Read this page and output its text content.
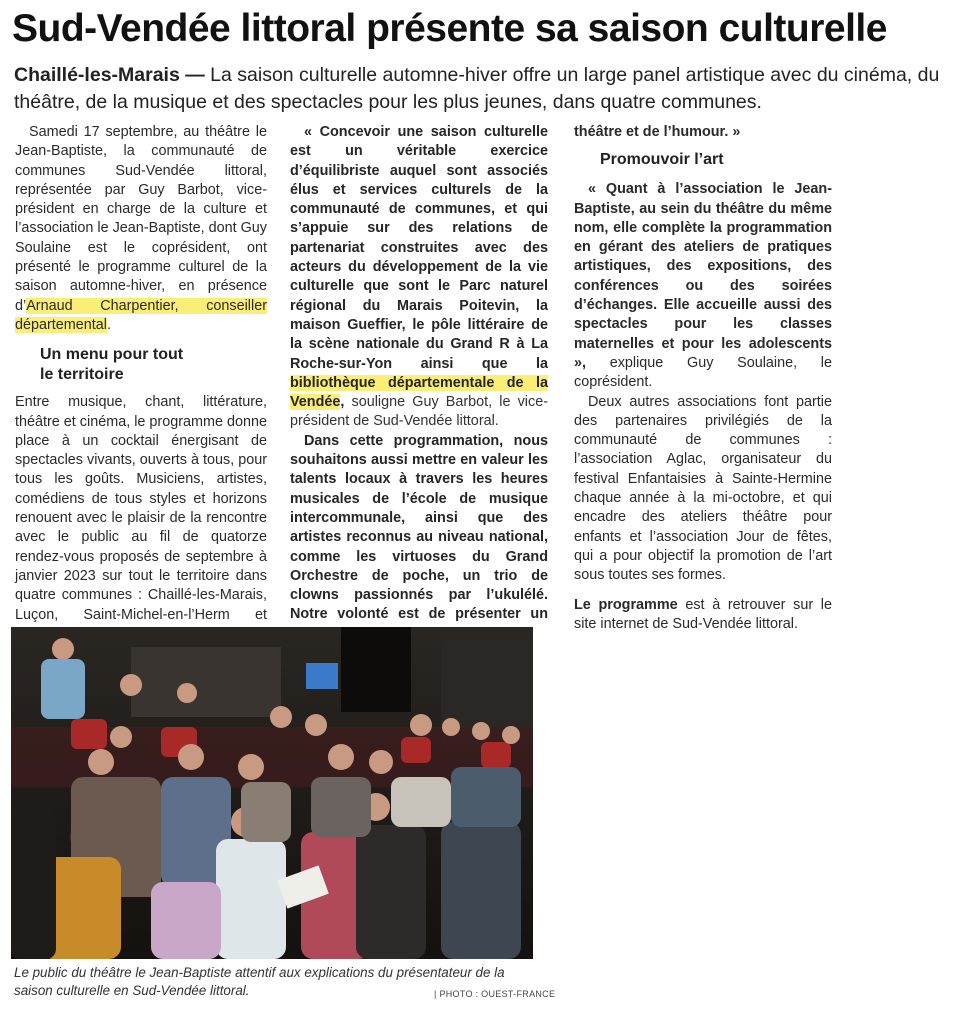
Sud-Vendée littoral présente sa saison culturelle
Chaillé-les-Marais — La saison culturelle automne-hiver offre un large panel artistique avec du cinéma, du théâtre, de la musique et des spectacles pour les plus jeunes, dans quatre communes.

Samedi 17 septembre, au théâtre le Jean-Baptiste, la communauté de communes Sud-Vendée littoral, représentée par Guy Barbot, vice-président en charge de la culture et l’association le Jean-Baptiste, dont Guy Soulaine est le coprésident, ont présenté le programme culturel de la saison automne-hiver, en présence d’Arnaud Charpentier, conseiller départemental.

Un menu pour tout
le territoire

Entre musique, chant, littérature, théâtre et cinéma, le programme donne place à un cocktail énergisant de spectacles vivants, ouverts à tous, pour tous les goûts. Musiciens, artistes, comédiens de tous styles et horizons renouent avec le plaisir de la rencontre avec le public au fil de quatorze rendez-vous proposés de septembre à janvier 2023 sur tout le territoire dans quatre communes : Chaillé-les-Marais, Luçon, Saint-Michel-en-l’Herm et

« Concevoir une saison culturelle est un véritable exercice d’équilibriste auquel sont associés élus et services culturels de la communauté de communes, et qui s’appuie sur des relations de partenariat construites avec des acteurs du développement de la vie culturelle que sont le Parc naturel régional du Marais Poitevin, la maison Gueffier, le pôle littéraire de la scène nationale du Grand R à La Roche-sur-Yon ainsi que la bibliothèque départementale de la Vendée, souligne Guy Barbot, le vice-président de Sud-Vendée littoral.

Dans cette programmation, nous souhaitons aussi mettre en valeur les talents locaux à travers les heures musicales de l’école de musique intercommunale, ainsi que des artistes reconnus au niveau national, comme les virtuoses du Grand Orchestre de poche, un trio de clowns passionnés par l’ukulélé. Notre volonté est de présenter un

théâtre et de l’humour. »

Promouvoir l’art

« Quant à l’association le Jean-Baptiste, au sein du théâtre du même nom, elle complète la programmation en gérant des ateliers de pratiques artistiques, des expositions, des conférences ou des soirées d’échanges. Elle accueille aussi des spectacles pour les classes maternelles et pour les adolescents », explique Guy Soulaine, le coprésident.

Deux autres associations font partie des partenaires privilégiés de la communauté de communes : l’association Aglac, organisateur du festival Enfantaisies à Sainte-Hermine chaque année à la mi-octobre, et qui encadre des ateliers théâtre pour enfants et l’association Jour de fêtes, qui a pour objectif la promotion de l’art sous toutes ses formes.

Le programme est à retrouver sur le site internet de Sud-Vendée littoral.

Le public du théâtre le Jean-Baptiste attentif aux explications du présentateur de la saison culturelle en Sud-Vendée littoral.	| PHOTO : OUEST-FRANCE
